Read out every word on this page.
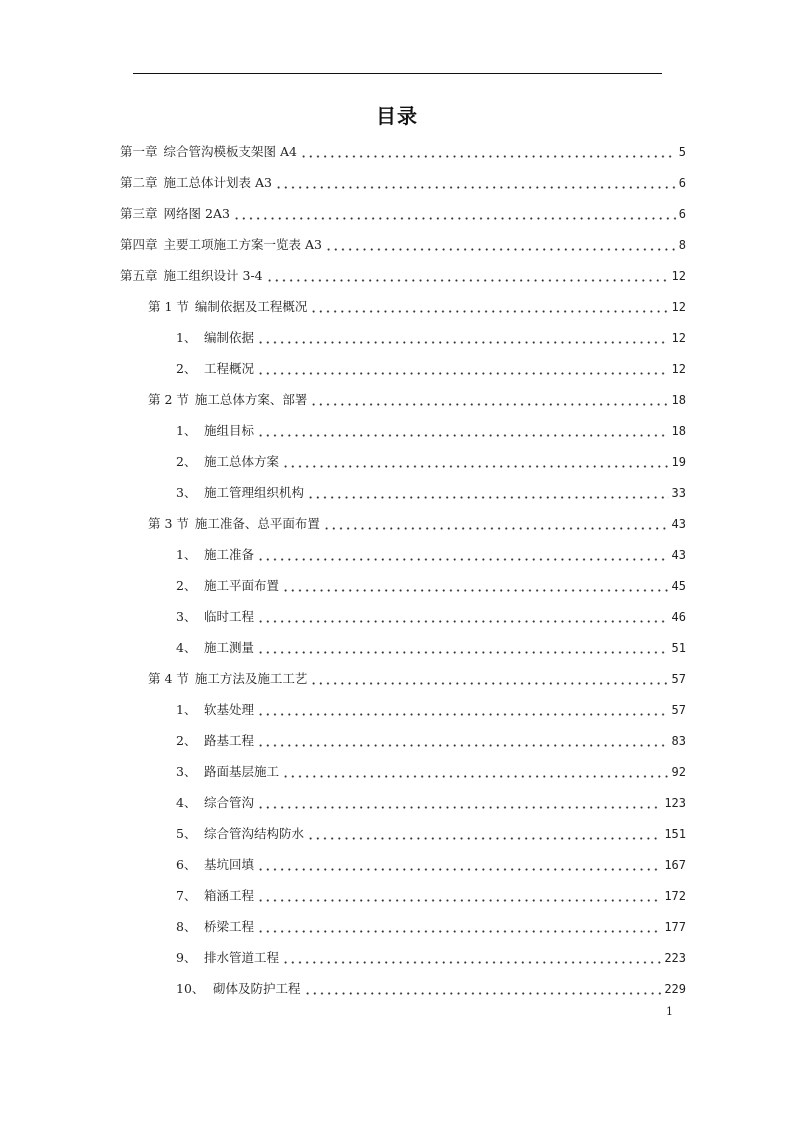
目录
第一章 综合管沟模板支架图 A4	5
第二章 施工总体计划表 A3	6
第三章 网络图 2A3	6
第四章 主要工项施工方案一览表 A3	8
第五章 施工组织设计 3-4	12
第 1 节 编制依据及工程概况	12
1、 编制依据	12
2、 工程概况	12
第 2 节 施工总体方案、部署	18
1、 施组目标	18
2、 施工总体方案	19
3、 施工管理组织机构	33
第 3 节 施工准备、总平面布置	43
1、 施工准备	43
2、 施工平面布置	45
3、 临时工程	46
4、 施工测量	51
第 4 节 施工方法及施工工艺	57
1、 软基处理	57
2、 路基工程	83
3、 路面基层施工	92
4、 综合管沟	123
5、 综合管沟结构防水	151
6、 基坑回填	167
7、 箱涵工程	172
8、 桥梁工程	177
9、 排水管道工程	223
10、 砌体及防护工程	229
1
